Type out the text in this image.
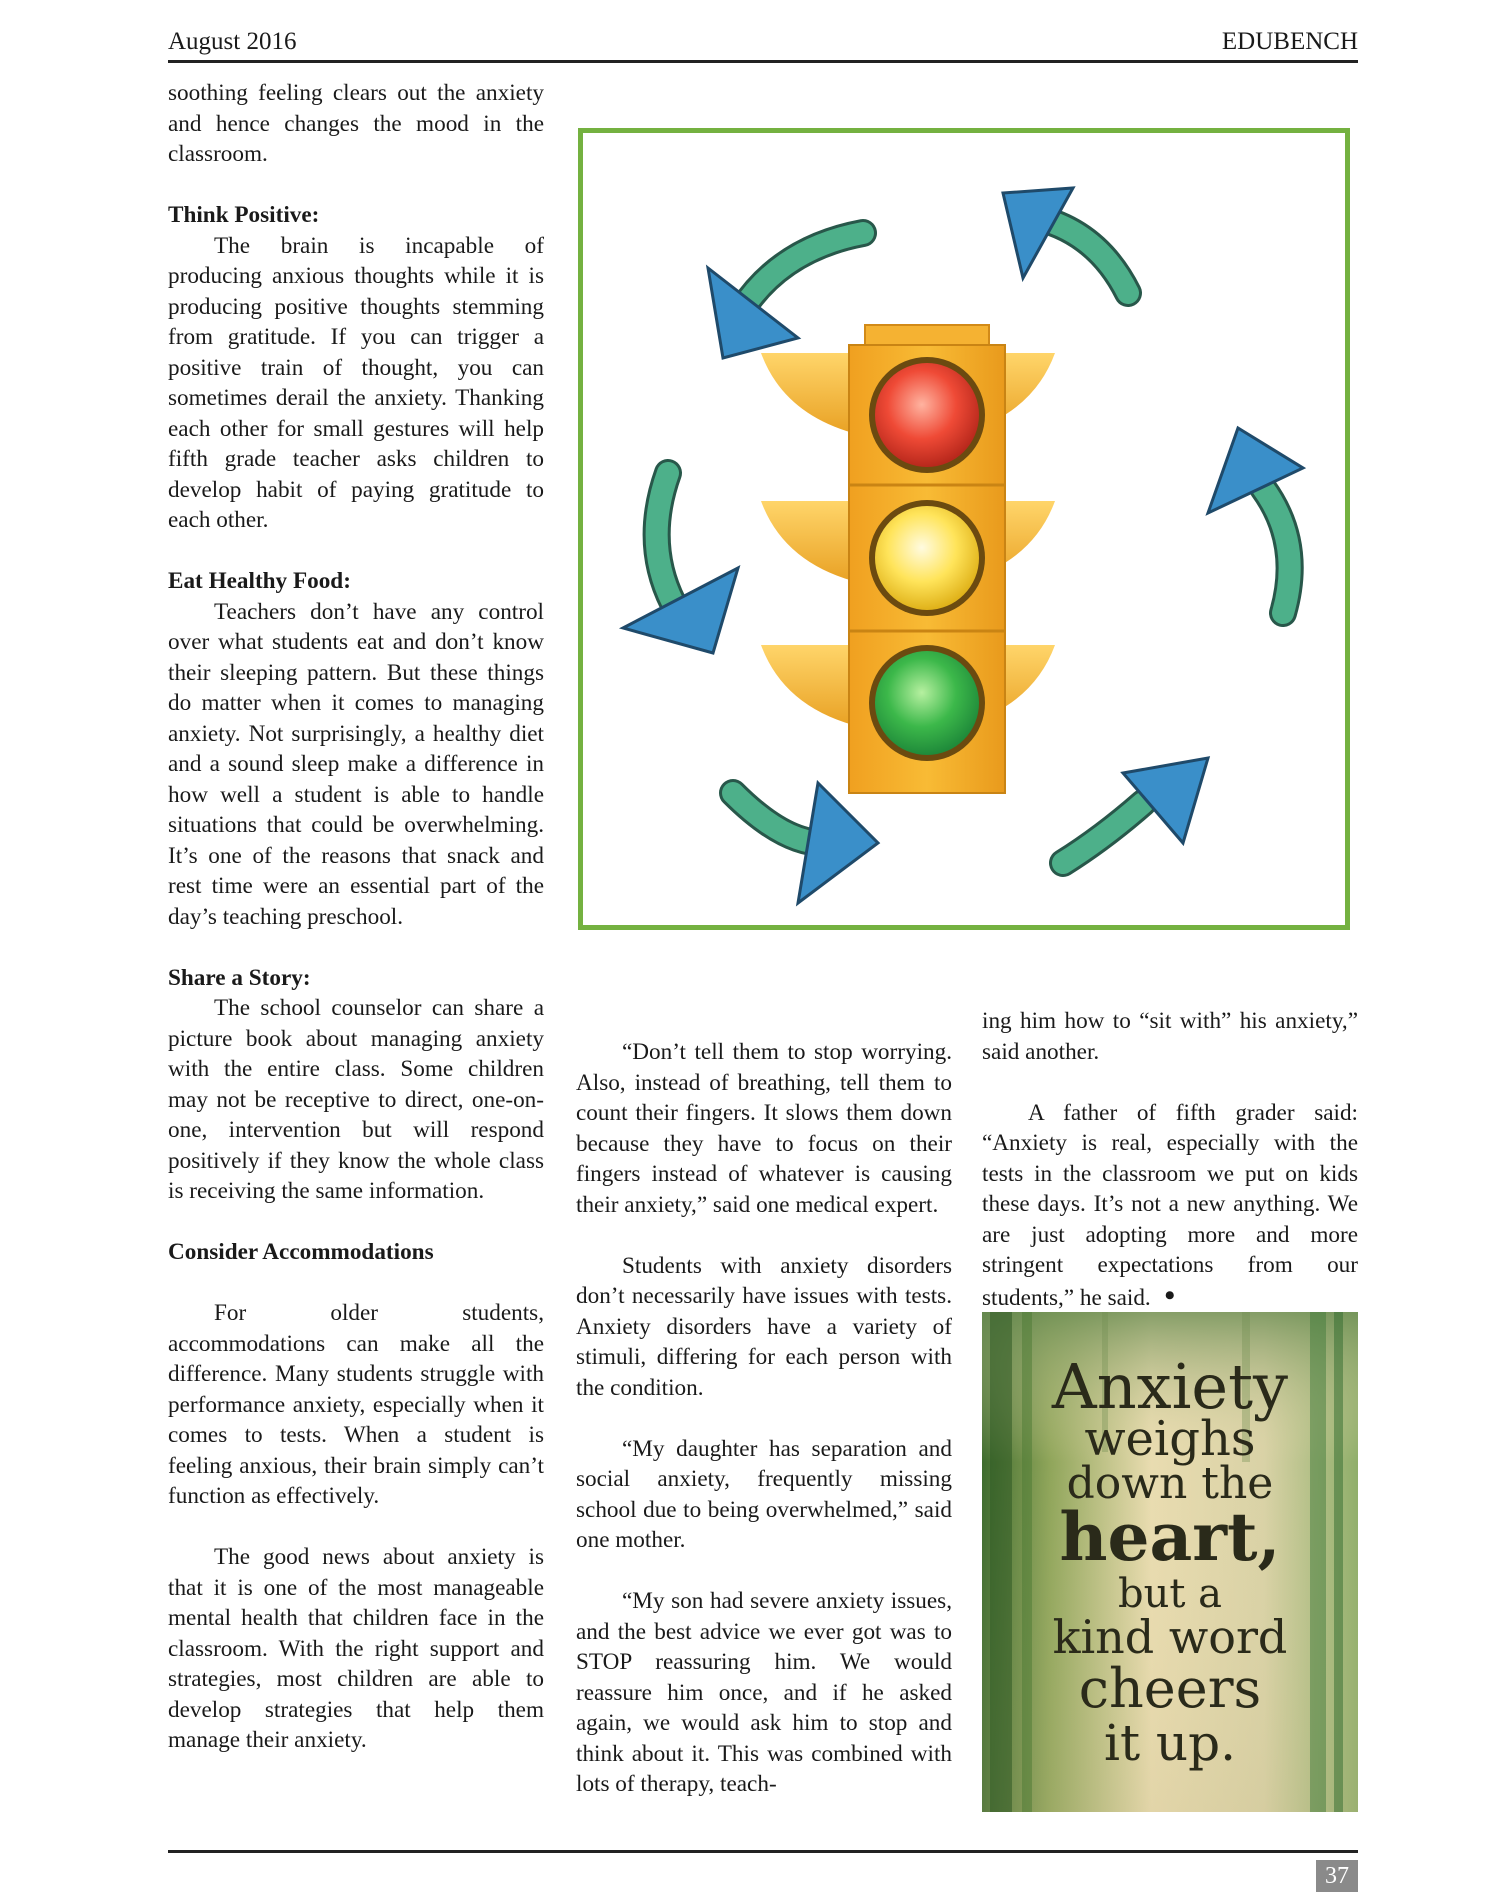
August 2016	EDUBENCH

soothing feeling clears out the anxiety and hence changes the mood in the classroom.

Think Positive:

The brain is incapable of producing anxious thoughts while it is producing positive thoughts stemming from gratitude. If you can trigger a positive train of thought, you can sometimes derail the anxiety. Thanking each other for small gestures will help fifth grade teacher asks children to develop habit of paying gratitude to each other.

Eat Healthy Food:

Teachers don’t have any control over what students eat and don’t know their sleeping pattern. But these things do matter when it comes to managing anxiety. Not surprisingly, a healthy diet and a sound sleep make a difference in how well a student is able to handle situations that could be overwhelming. It’s one of the reasons that snack and rest time were an essential part of the day’s teaching preschool.

Share a Story:

The school counselor can share a picture book about managing anxiety with the entire class. Some children may not be receptive to direct, one-on-one, intervention but will respond positively if they know the whole class is receiving the same information.

Consider Accommodations

For older students, accommodations can make all the difference. Many students struggle with performance anxiety, especially when it comes to tests. When a student is feeling anxious, their brain simply can’t function as effectively.

The good news about anxiety is that it is one of the most manageable mental health that children face in the classroom. With the right support and strategies, most children are able to develop strategies that help them manage their anxiety.

“Don’t tell them to stop worrying. Also, instead of breathing, tell them to count their fingers. It slows them down because they have to focus on their fingers instead of whatever is causing their anxiety,” said one medical expert.

Students with anxiety disorders don’t necessarily have issues with tests. Anxiety disorders have a variety of stimuli, differing for each person with the condition.

“My daughter has separation and social anxiety, frequently missing school due to being overwhelmed,” said one mother.

“My son had severe anxiety issues, and the best advice we ever got was to STOP reassuring him. We would reassure him once, and if he asked again, we would ask him to stop and think about it. This was combined with lots of therapy, teach-

ing him how to “sit with” his anxiety,” said another.

A father of fifth grader said: “Anxiety is real, especially with the tests in the classroom we put on kids these days. It’s not a new anything. We are just adopting more and more stringent expectations from our students,” he said. •

Anxiety
weighs
down the
heart,
but a
kind word
cheers
it up.
37
